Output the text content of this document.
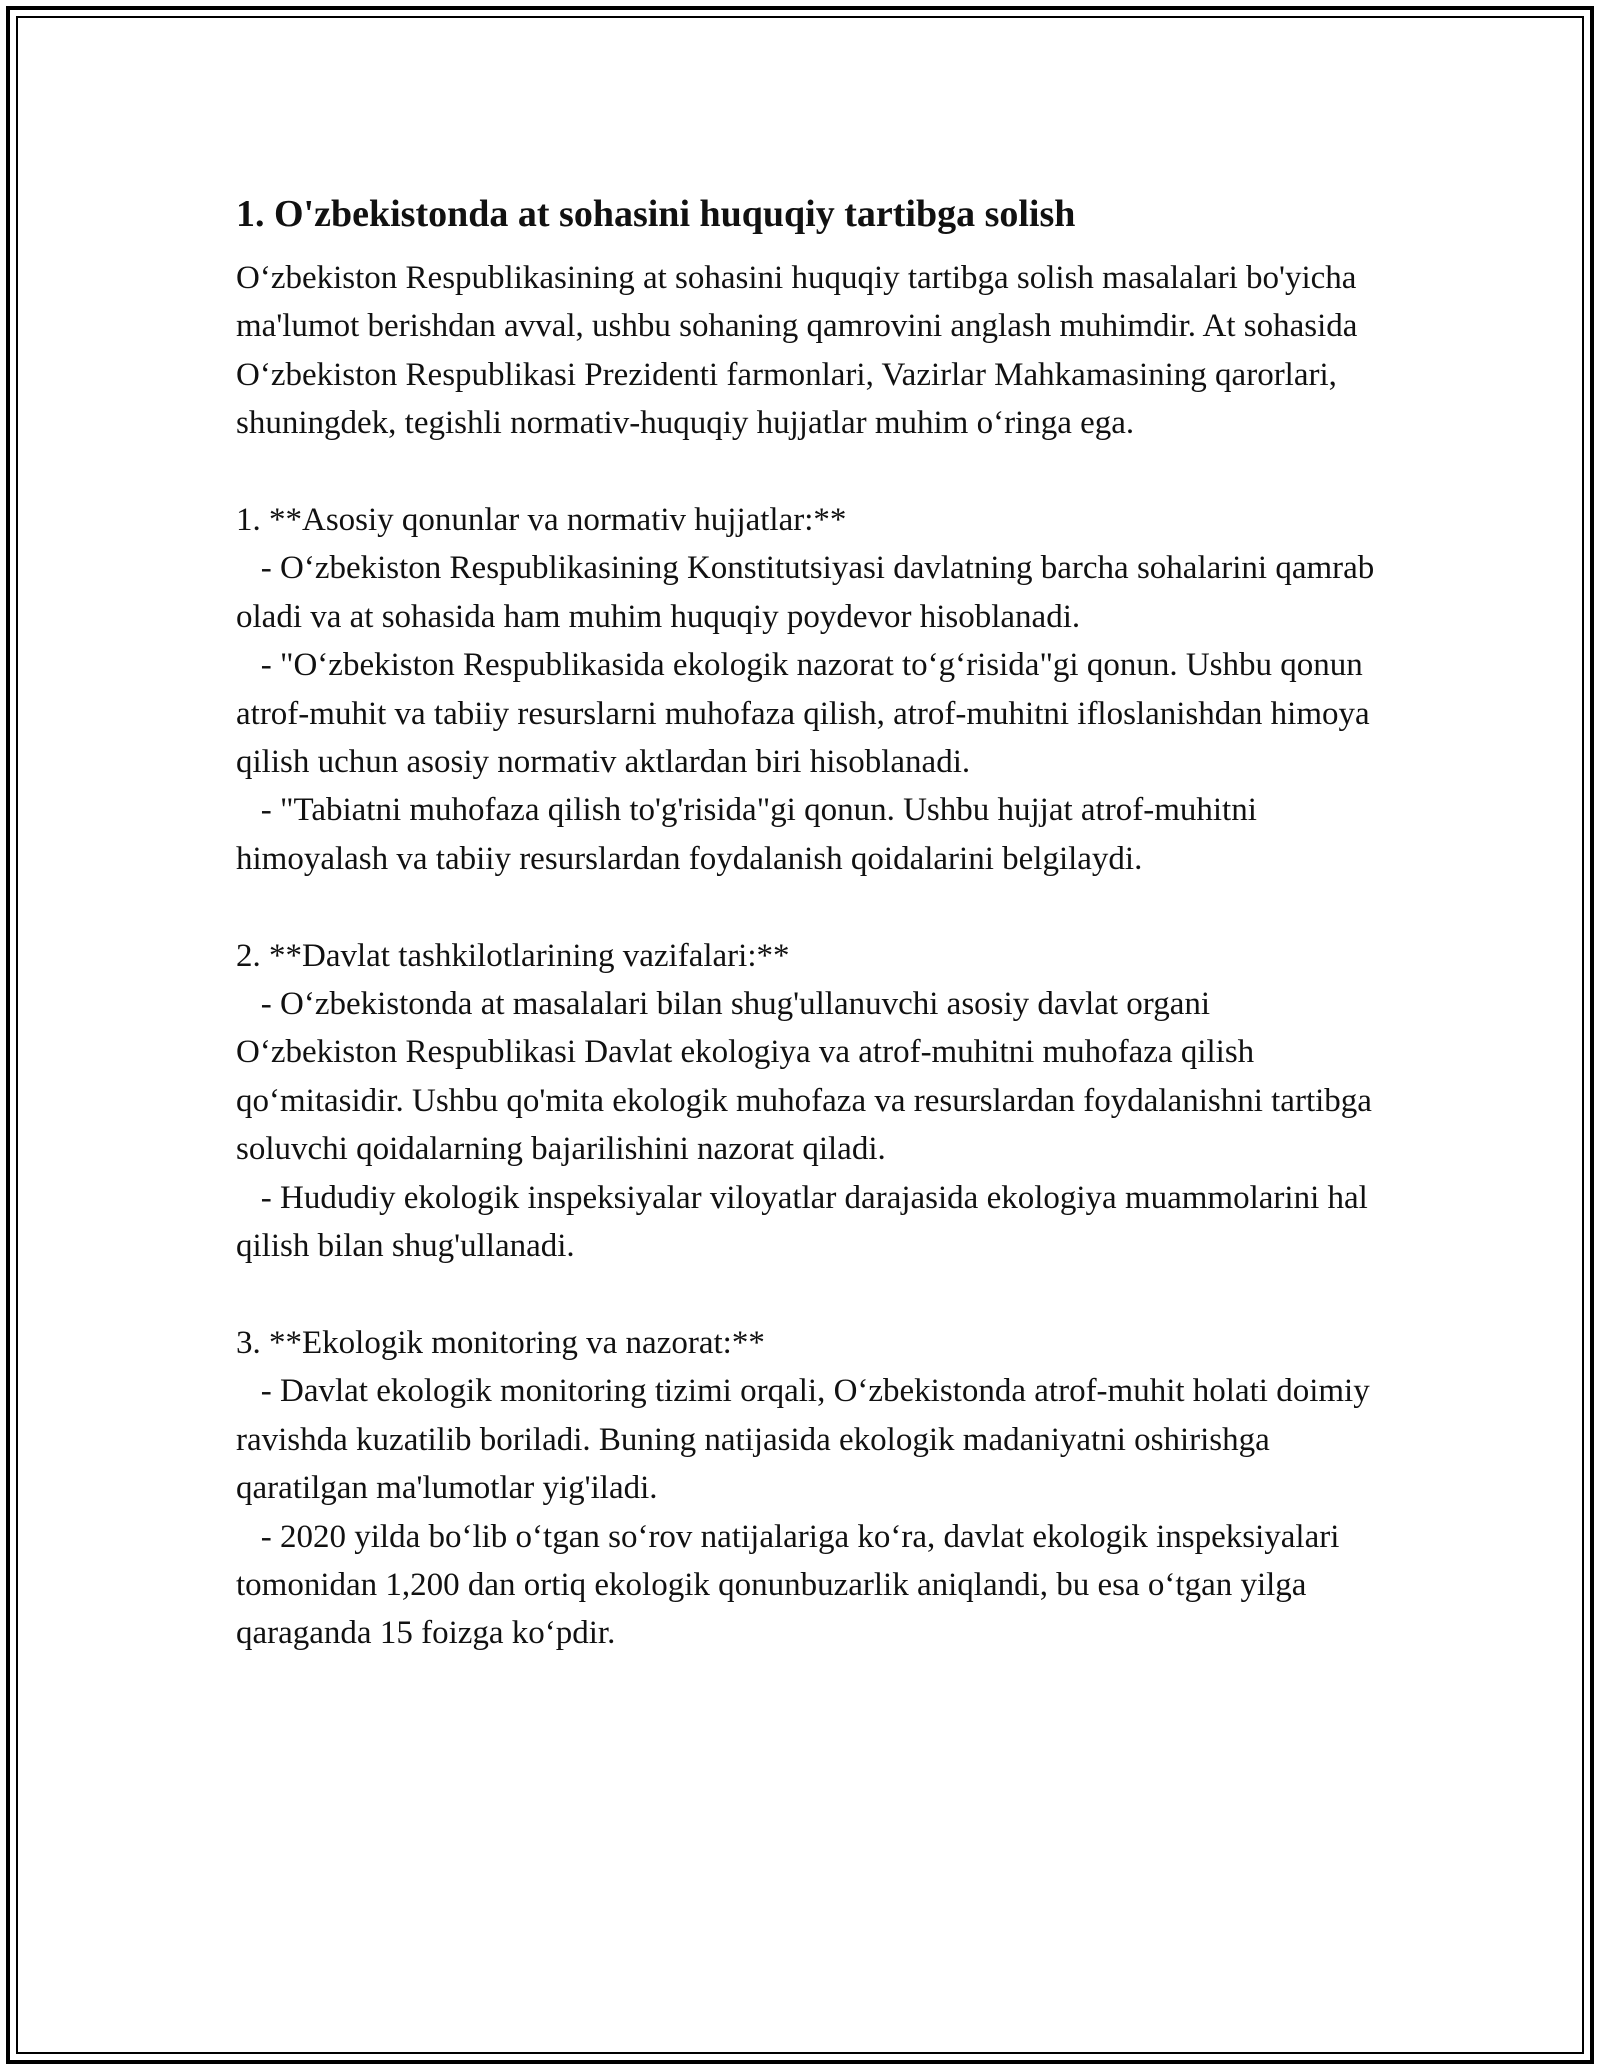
1. O'zbekistonda at sohasini huquqiy tartibga solish

O‘zbekiston Respublikasining at sohasini huquqiy tartibga solish masalalari bo'yicha ma'lumot berishdan avval, ushbu sohaning qamrovini anglash muhimdir. At sohasida O‘zbekiston Respublikasi Prezidenti farmonlari, Vazirlar Mahkamasining qarorlari, shuningdek, tegishli normativ-huquqiy hujjatlar muhim o‘ringa ega.

1. **Asosiy qonunlar va normativ hujjatlar:**

- O‘zbekiston Respublikasining Konstitutsiyasi davlatning barcha sohalarini qamrab oladi va at sohasida ham muhim huquqiy poydevor hisoblanadi.

- "O‘zbekiston Respublikasida ekologik nazorat to‘g‘risida"gi qonun. Ushbu qonun atrof-muhit va tabiiy resurslarni muhofaza qilish, atrof-muhitni ifloslanishdan himoya qilish uchun asosiy normativ aktlardan biri hisoblanadi.

- "Tabiatni muhofaza qilish to'g'risida"gi qonun. Ushbu hujjat atrof-muhitni himoyalash va tabiiy resurslardan foydalanish qoidalarini belgilaydi.

2. **Davlat tashkilotlarining vazifalari:**

- O‘zbekistonda at masalalari bilan shug'ullanuvchi asosiy davlat organi O‘zbekiston Respublikasi Davlat ekologiya va atrof-muhitni muhofaza qilish qo‘mitasidir. Ushbu qo'mita ekologik muhofaza va resurslardan foydalanishni tartibga soluvchi qoidalarning bajarilishini nazorat qiladi.

- Hududiy ekologik inspeksiyalar viloyatlar darajasida ekologiya muammolarini hal qilish bilan shug'ullanadi.

3. **Ekologik monitoring va nazorat:**

- Davlat ekologik monitoring tizimi orqali, O‘zbekistonda atrof-muhit holati doimiy ravishda kuzatilib boriladi. Buning natijasida ekologik madaniyatni oshirishga qaratilgan ma'lumotlar yig'iladi.

- 2020 yilda bo‘lib o‘tgan so‘rov natijalariga ko‘ra, davlat ekologik inspeksiyalari tomonidan 1,200 dan ortiq ekologik qonunbuzarlik aniqlandi, bu esa o‘tgan yilga qaraganda 15 foizga ko‘pdir.
